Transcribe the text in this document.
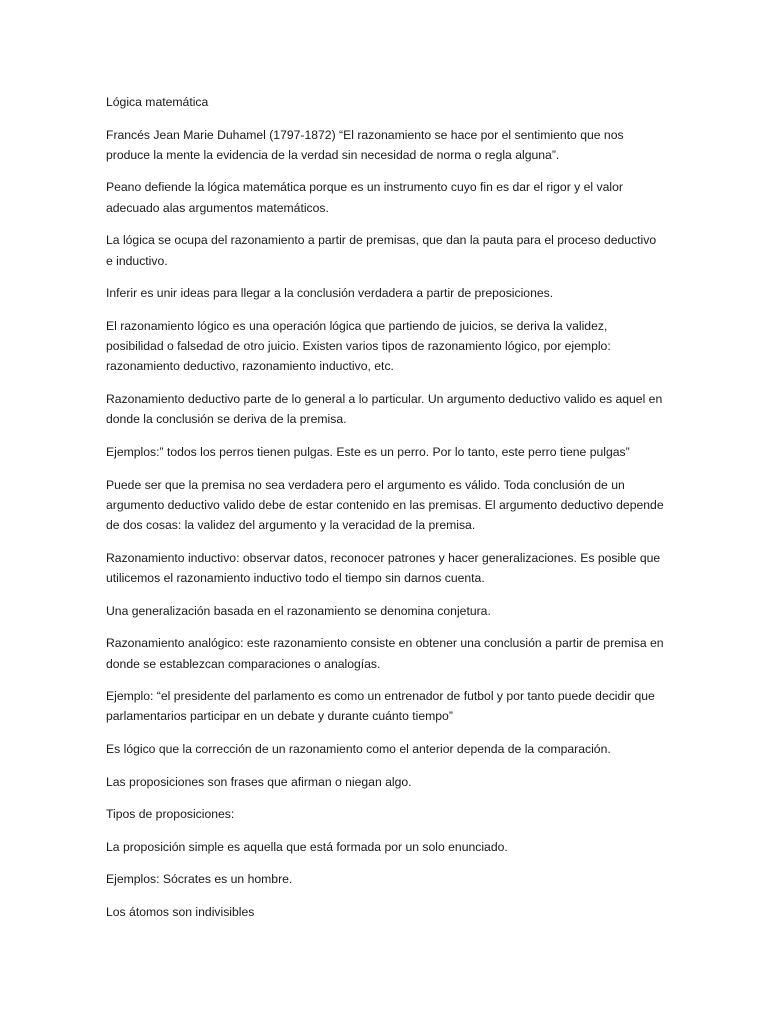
Lógica matemática

Francés Jean Marie Duhamel (1797-1872) “El razonamiento se hace por el sentimiento que nos produce la mente la evidencia de la verdad sin necesidad de norma o regla alguna”.

Peano defiende la lógica matemática porque es un instrumento cuyo fin es dar el rigor y el valor adecuado alas argumentos matemáticos.

La lógica se ocupa del razonamiento a partir de premisas, que dan la pauta para el proceso deductivo e inductivo.

Inferir es unir ideas para llegar a la conclusión verdadera a partir de preposiciones.

El razonamiento lógico es una operación lógica que partiendo de juicios, se deriva la validez, posibilidad o falsedad de otro juicio. Existen varios tipos de razonamiento lógico, por ejemplo: razonamiento deductivo, razonamiento inductivo, etc.

Razonamiento deductivo parte de lo general a lo particular. Un argumento deductivo valido es aquel en donde la conclusión se deriva de la premisa.

Ejemplos:” todos los perros tienen pulgas. Este es un perro. Por lo tanto, este perro tiene pulgas”

Puede ser que la premisa no sea verdadera pero el argumento es válido. Toda conclusión de un argumento deductivo valido debe de estar contenido en las premisas. El argumento deductivo depende de dos cosas: la validez del argumento y la veracidad de la premisa.

Razonamiento inductivo: observar datos, reconocer patrones y hacer generalizaciones. Es posible que utilicemos el razonamiento inductivo todo el tiempo sin darnos cuenta.

Una generalización basada en el razonamiento se denomina conjetura.

Razonamiento analógico: este razonamiento consiste en obtener una conclusión a partir de premisa en donde se establezcan comparaciones o analogías.

Ejemplo: “el presidente del parlamento es como un entrenador de futbol y por tanto puede decidir que parlamentarios participar en un debate y durante cuánto tiempo”

Es lógico que la corrección de un razonamiento como el anterior dependa de la comparación.

Las proposiciones son frases que afirman o niegan algo.

Tipos de proposiciones:

La proposición simple es aquella que está formada por un solo enunciado.

Ejemplos: Sócrates es un hombre.

Los átomos son indivisibles
